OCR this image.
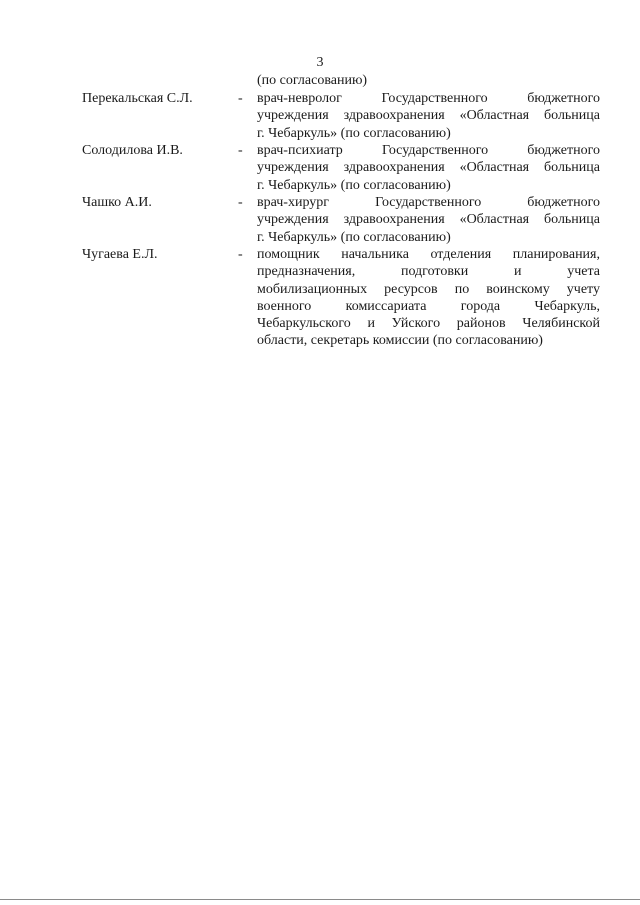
3
(по согласованию)
Перекальская С.Л.	- врач-невролог Государственного бюджетного
учреждения здравоохранения «Областная больница
г. Чебаркуль» (по согласованию)
Солодилова И.В.	- врач-психиатр Государственного бюджетного
учреждения здравоохранения «Областная больница
г. Чебаркуль» (по согласованию)
Чашко А.И.	- врач-хирург Государственного бюджетного
учреждения здравоохранения «Областная больница
г. Чебаркуль» (по согласованию)
Чугаева Е.Л.	- помощник начальника отделения планирования,
предназначения, подготовки и учета
мобилизационных ресурсов по воинскому учету
военного комиссариата города Чебаркуль,
Чебаркульского и Уйского районов Челябинской
области, секретарь комиссии (по согласованию)
